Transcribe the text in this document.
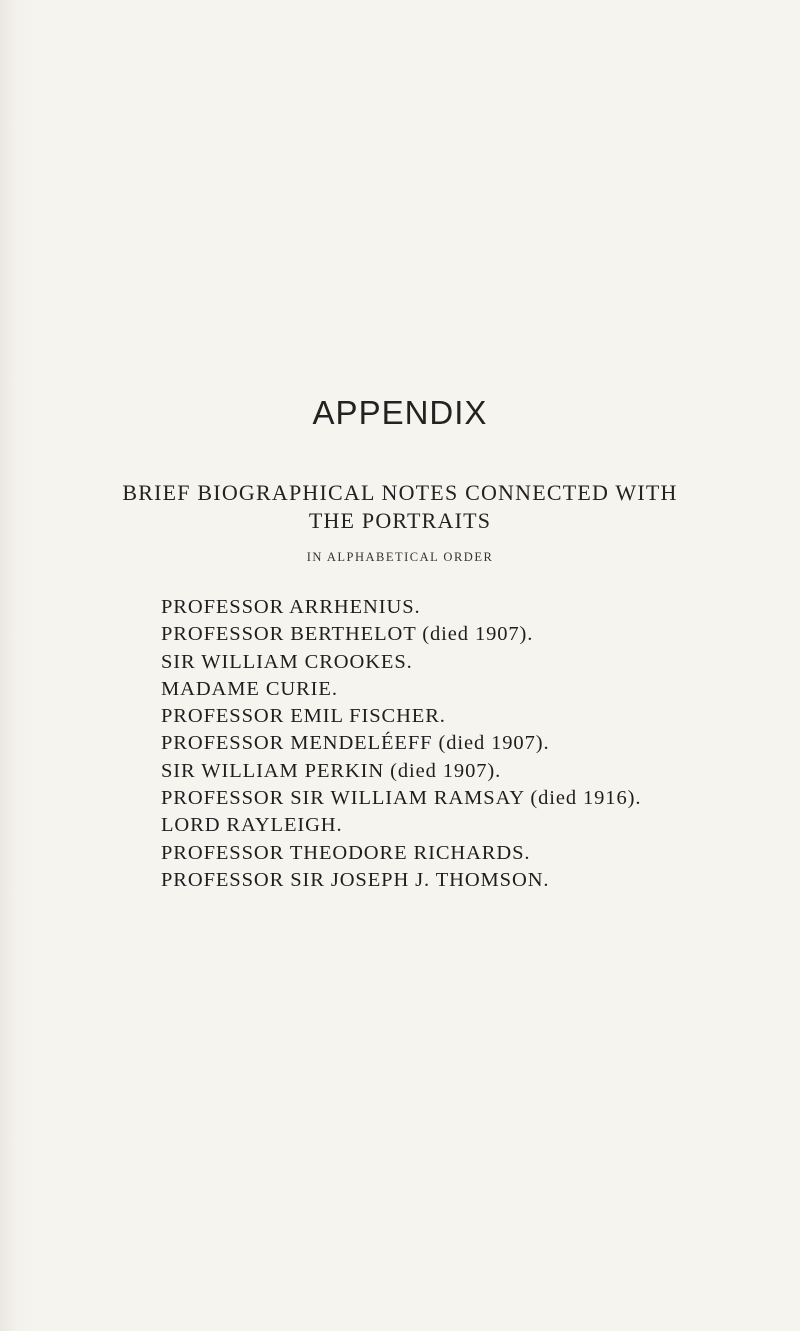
APPENDIX
BRIEF BIOGRAPHICAL NOTES CONNECTED WITH
THE PORTRAITS
IN ALPHABETICAL ORDER
PROFESSOR ARRHENIUS.
PROFESSOR BERTHELOT (died 1907).
SIR WILLIAM CROOKES.
MADAME CURIE.
PROFESSOR EMIL FISCHER.
PROFESSOR MENDELÉEFF (died 1907).
SIR WILLIAM PERKIN (died 1907).
PROFESSOR SIR WILLIAM RAMSAY (died 1916).
LORD RAYLEIGH.
PROFESSOR THEODORE RICHARDS.
PROFESSOR SIR JOSEPH J. THOMSON.
